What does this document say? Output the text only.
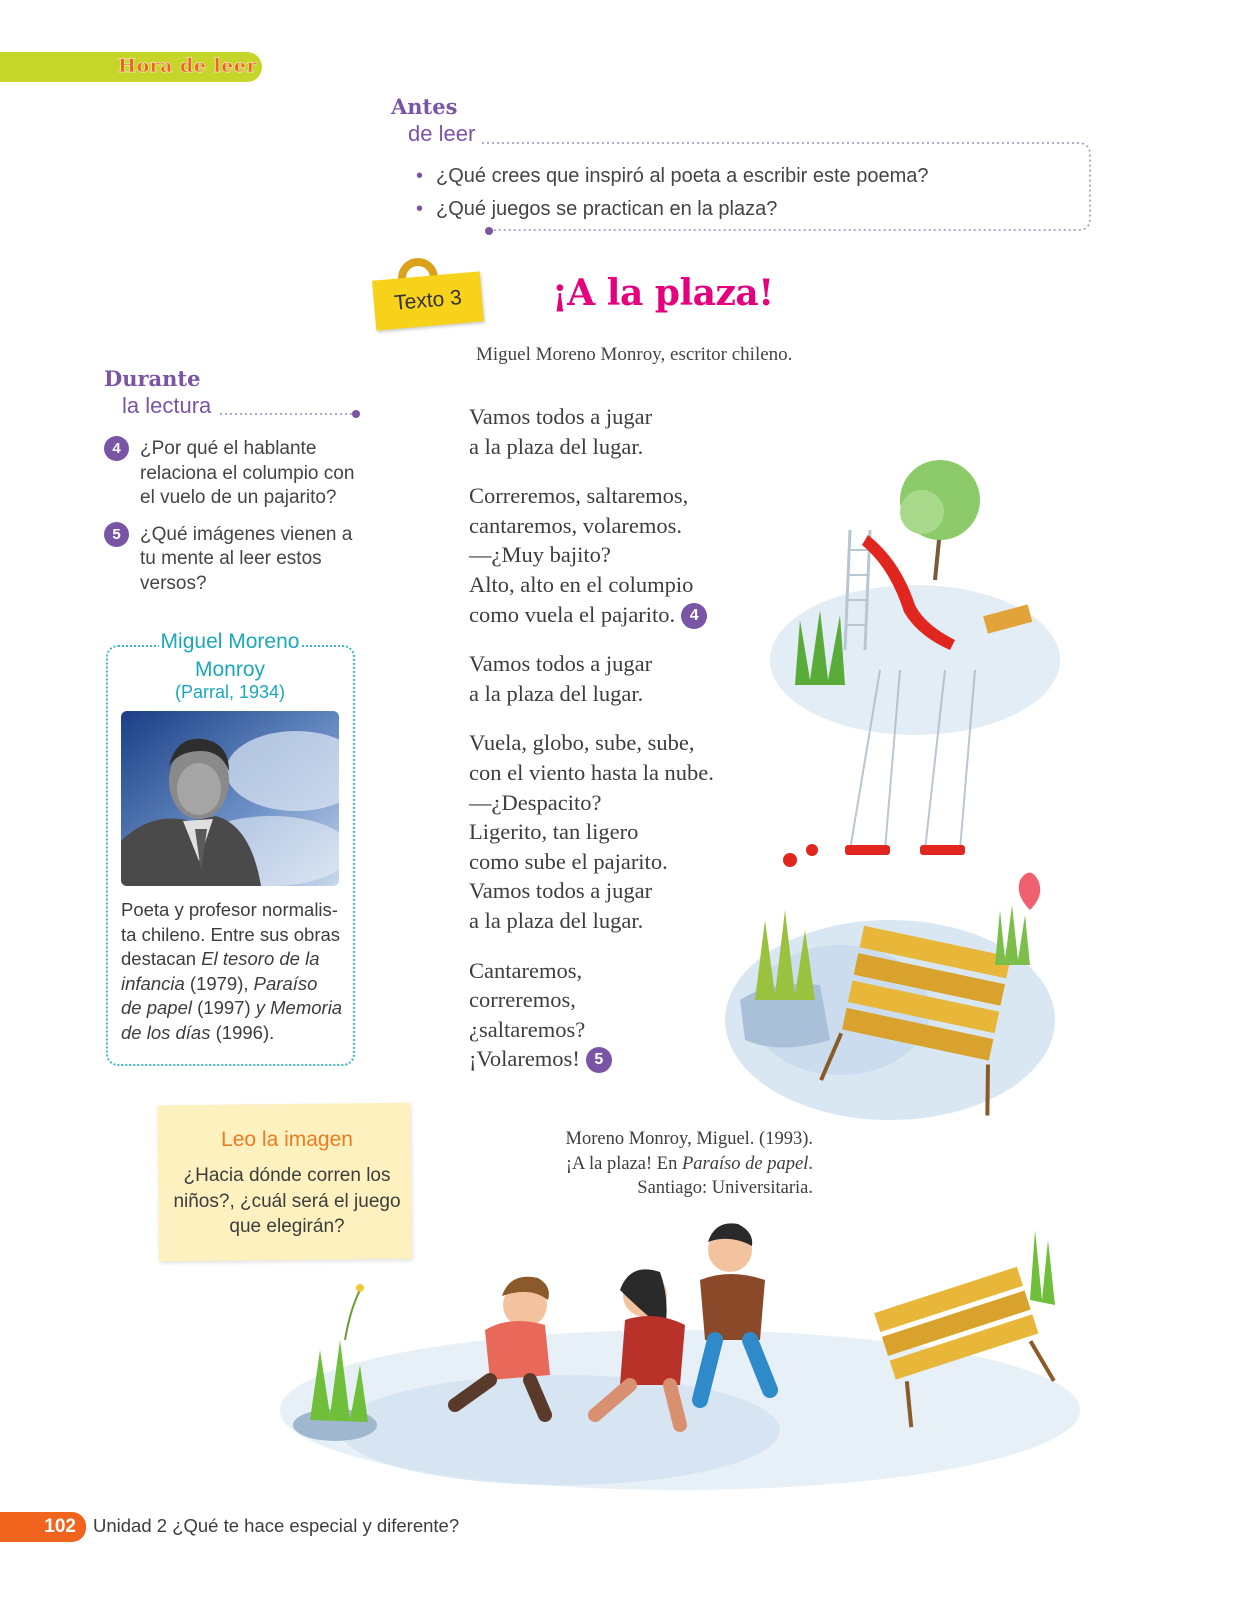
Hora de leer
Antes
de leer
• ¿Qué crees que inspiró al poeta a escribir este poema?
• ¿Qué juegos se practican en la plaza?
Texto 3	¡A la plaza!
Miguel Moreno Monroy, escritor chileno.
Vamos todos a jugar
a la plaza del lugar.
Correremos, saltaremos,
cantaremos, volaremos.
—¿Muy bajito?
Alto, alto en el columpio
como vuela el pajarito. 4
Vamos todos a jugar
a la plaza del lugar.
Vuela, globo, sube, sube,
con el viento hasta la nube.
—¿Despacito?
Ligerito, tan ligero
como sube el pajarito.
Vamos todos a jugar
a la plaza del lugar.
Cantaremos,
correremos,
¿saltaremos?
¡Volaremos! 5
Durante
la lectura
4	¿Por qué el hablante relaciona el columpio con el vuelo de un pajarito?
5	¿Qué imágenes vienen a tu mente al leer estos versos?
Miguel Moreno
Monroy
(Parral, 1934)
Poeta y profesor normalis- ta chileno. Entre sus obras destacan El tesoro de la infancia (1979), Paraíso de papel (1997) y Memoria de los días (1996).
Leo la imagen
¿Hacia dónde corren los niños?, ¿cuál será el juego que elegirán?
Moreno Monroy, Miguel. (1993).
¡A la plaza! En Paraíso de papel.
Santiago: Universitaria.
102 Unidad 2 ¿Qué te hace especial y diferente?
